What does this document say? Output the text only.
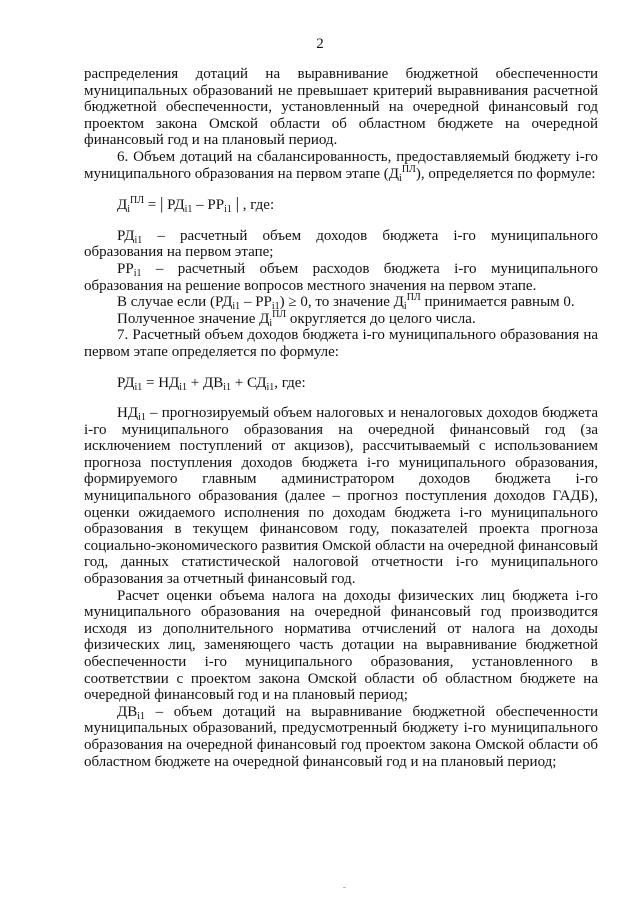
2

распределения дотаций на выравнивание бюджетной обеспеченности муниципальных образований не превышает критерий выравнивания расчетной бюджетной обеспеченности, установленный на очередной финансовый год проектом закона Омской области об областном бюджете на очередной финансовый год и на плановый период.

6. Объем дотаций на сбалансированность, предоставляемый бюджету i-го муниципального образования на первом этапе $(Д_i^{ПЛ})$, определяется по формуле:

$Д_i^{ПЛ}$ = | $РД_{i1} - РР_{i1}$ | , где:

$РД_{i1}$ – расчетный объем доходов бюджета i-го муниципального образования на первом этапе;

$РР_{i1}$ – расчетный объем расходов бюджета i-го муниципального образования на решение вопросов местного значения на первом этапе.

В случае если $(РД_{i1} - РР_{i1}) \ge 0$, то значение $Д_i^{ПЛ}$ принимается равным 0.

Полученное значение $Д_i^{ПЛ}$ округляется до целого числа.

7. Расчетный объем доходов бюджета i-го муниципального образования на первом этапе определяется по формуле:

$РД_{i1} = НД_{i1} + ДВ_{i1} + СД_{i1}$, где:

$НД_{i1}$ – прогнозируемый объем налоговых и неналоговых доходов бюджета i-го муниципального образования на очередной финансовый год (за исключением поступлений от акцизов), рассчитываемый с использованием прогноза поступления доходов бюджета i-го муниципального образования, формируемого главным администратором доходов бюджета i-го муниципального образования (далее – прогноз поступления доходов ГАДБ), оценки ожидаемого исполнения по доходам бюджета i-го муниципального образования в текущем финансовом году, показателей проекта прогноза социально-экономического развития Омской области на очередной финансовый год, данных статистической налоговой отчетности i-го муниципального образования за отчетный финансовый год.

Расчет оценки объема налога на доходы физических лиц бюджета i-го муниципального образования на очередной финансовый год производится исходя из дополнительного норматива отчислений от налога на доходы физических лиц, заменяющего часть дотации на выравнивание бюджетной обеспеченности i-го муниципального образования, установленного в соответствии с проектом закона Омской области об областном бюджете на очередной финансовый год и на плановый период;

$ДВ_{i1}$ – объем дотаций на выравнивание бюджетной обеспеченности муниципальных образований, предусмотренный бюджету i-го муниципального образования на очередной финансовый год проектом закона Омской области об областном бюджете на очередной финансовый год и на плановый период;
